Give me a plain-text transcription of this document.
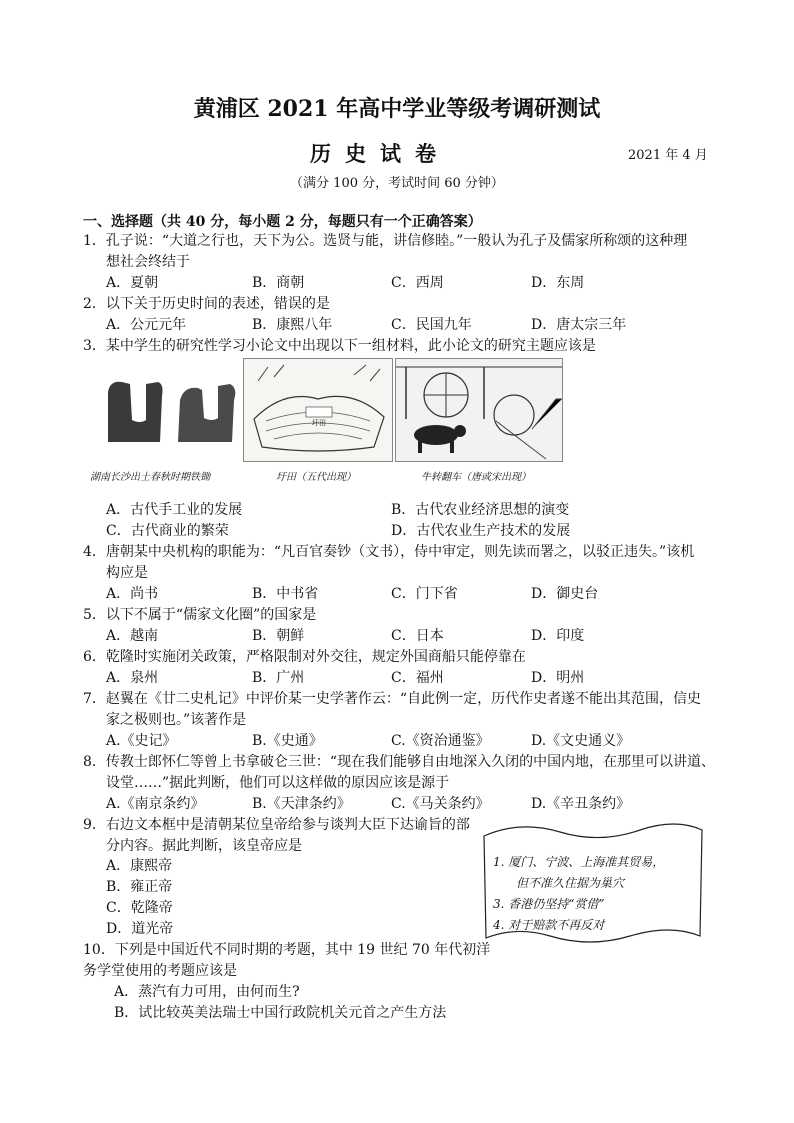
黄浦区 2021 年高中学业等级考调研测试
历史试卷	2021 年 4 月
（满分 100 分，考试时间 60 分钟）
一、选择题（共 40 分，每小题 2 分，每题只有一个正确答案）
1．孔子说：“大道之行也，天下为公。选贤与能，讲信修睦。”一般认为孔子及儒家所称颂的这种理
想社会终结于
A．夏朝	B．商朝	C．西周	D．东周
2．以下关于历史时间的表述，错误的是
A．公元元年	B．康熙八年	C．民国九年	D．唐太宗三年
3．某中学生的研究性学习小论文中出现以下一组材料，此小论文的研究主题应该是
圩田
湖南长沙出土春秋时期铁锄	圩田（五代出现）	牛转翻车（唐或宋出现）
A．古代手工业的发展	B．古代农业经济思想的演变
C．古代商业的繁荣	D．古代农业生产技术的发展
4．唐朝某中央机构的职能为：“凡百官奏钞（文书），侍中审定，则先读而署之，以驳正违失。”该机
构应是
A．尚书	B．中书省	C．门下省	D．御史台
5．以下不属于“儒家文化圈”的国家是
A．越南	B．朝鲜	C．日本	D．印度
6．乾隆时实施闭关政策，严格限制对外交往，规定外国商船只能停靠在
A．泉州	B．广州	C．福州	D．明州
7．赵翼在《廿二史札记》中评价某一史学著作云：“自此例一定，历代作史者遂不能出其范围，信史
家之极则也。”该著作是
A.《史记》	B.《史通》	C.《资治通鉴》	D.《文史通义》
8．传教士郎怀仁等曾上书拿破仑三世：“现在我们能够自由地深入久闭的中国内地，在那里可以讲道、
设堂……”据此判断，他们可以这样做的原因应该是源于
A.《南京条约》	B.《天津条约》	C.《马关条约》	D.《辛丑条约》
9．右边文本框中是清朝某位皇帝给参与谈判大臣下达谕旨的部
分内容。据此判断，该皇帝应是
A．康熙帝
B．雍正帝
C．乾隆帝
D．道光帝
1. 厦门、宁波、上海准其贸易，
但不准久住据为巢穴
3. 香港仍坚持“赏借”
4. 对于赔款不再反对
10．下列是中国近代不同时期的考题，其中 19 世纪 70 年代初洋
务学堂使用的考题应该是
A．蒸汽有力可用，由何而生?
B．试比较英美法瑞士中国行政院机关元首之产生方法
